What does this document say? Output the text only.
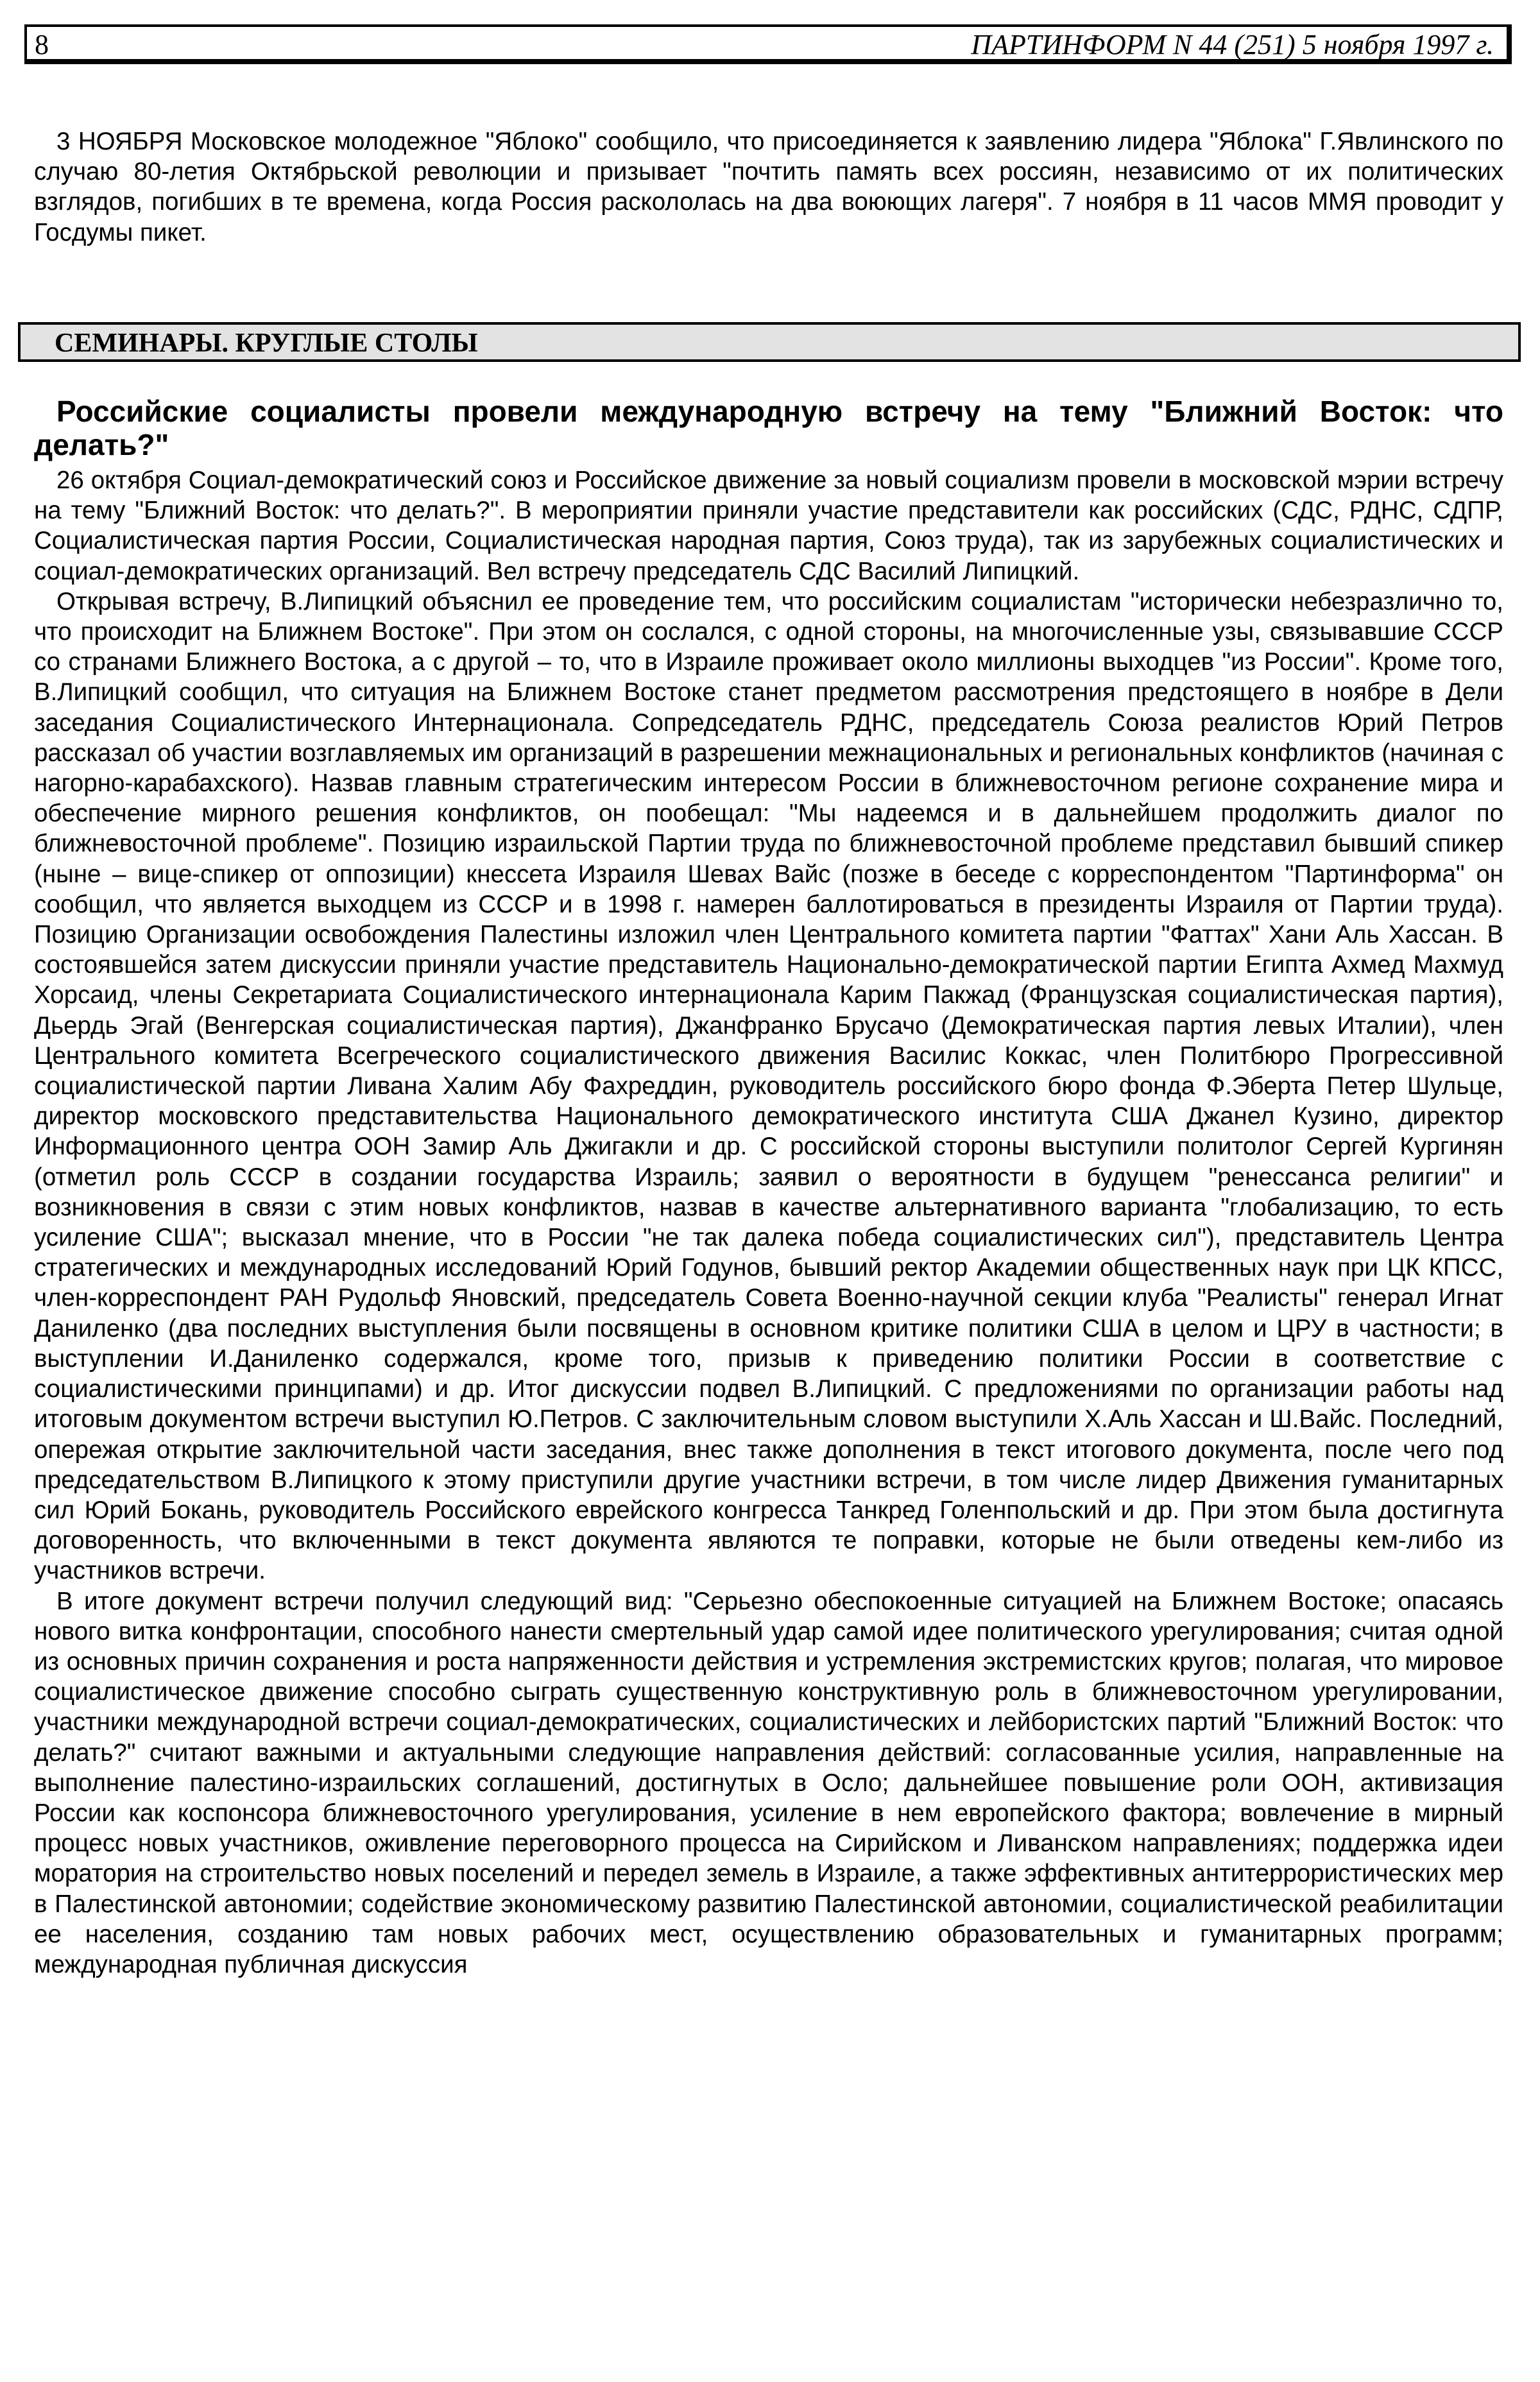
8	ПАРТИНФОРМ N 44 (251) 5 ноября 1997 г.

3 НОЯБРЯ Московское молодежное "Яблоко" сообщило, что присоединяется к заявлению лидера "Яблока" Г.Явлинского по случаю 80-летия Октябрьской революции и призывает "почтить память всех россиян, независимо от их политических взглядов, погибших в те времена, когда Россия раскололась на два воюющих лагеря". 7 ноября в 11 часов ММЯ проводит у Госдумы пикет.

СЕМИНАРЫ. КРУГЛЫЕ СТОЛЫ
Российские социалисты провели международную встречу на тему "Ближний Восток: что делать?"

26 октября Социал-демократический союз и Российское движение за новый социализм провели в московской мэрии встречу на тему "Ближний Восток: что делать?". В мероприятии приняли участие представители как российских (СДС, РДНС, СДПР, Социалистическая партия России, Социалистическая народная партия, Союз труда), так из зарубежных социалистических и социал-демократических организаций. Вел встречу председатель СДС Василий Липицкий.

Открывая встречу, В.Липицкий объяснил ее проведение тем, что российским социалистам "исторически небезразлично то, что происходит на Ближнем Востоке". При этом он сослался, с одной стороны, на многочисленные узы, связывавшие СССР со странами Ближнего Востока, а с другой – то, что в Израиле проживает около миллионы выходцев "из России". Кроме того, В.Липицкий сообщил, что ситуация на Ближнем Востоке станет предметом рассмотрения предстоящего в ноябре в Дели заседания Социалистического Интернационала. Сопредседатель РДНС, председатель Союза реалистов Юрий Петров рассказал об участии возглавляемых им организаций в разрешении межнациональных и региональных конфликтов (начиная с нагорно-карабахского). Назвав главным стратегическим интересом России в ближневосточном регионе сохранение мира и обеспечение мирного решения конфликтов, он пообещал: "Мы надеемся и в дальнейшем продолжить диалог по ближневосточной проблеме". Позицию израильской Партии труда по ближневосточной проблеме представил бывший спикер (ныне – вице-спикер от оппозиции) кнессета Израиля Шевах Вайс (позже в беседе с корреспондентом "Партинформа" он сообщил, что является выходцем из СССР и в 1998 г. намерен баллотироваться в президенты Израиля от Партии труда). Позицию Организации освобождения Палестины изложил член Центрального комитета партии "Фаттах" Хани Аль Хассан. В состоявшейся затем дискуссии приняли участие представитель Национально-демократической партии Египта Ахмед Махмуд Хорсаид, члены Секретариата Социалистического интернационала Карим Пакжад (Французская социалистическая партия), Дьердь Эгай (Венгерская социалистическая партия), Джанфранко Брусачо (Демократическая партия левых Италии), член Центрального комитета Всегреческого социалистического движения Василис Коккас, член Политбюро Прогрессивной социалистической партии Ливана Халим Абу Фахреддин, руководитель российского бюро фонда Ф.Эберта Петер Шульце, директор московского представительства Национального демократического института США Джанел Кузино, директор Информационного центра ООН Замир Аль Джигакли и др. С российской стороны выступили политолог Сергей Кургинян (отметил роль СССР в создании государства Израиль; заявил о вероятности в будущем "ренессанса религии" и возникновения в связи с этим новых конфликтов, назвав в качестве альтернативного варианта "глобализацию, то есть усиление США"; высказал мнение, что в России "не так далека победа социалистических сил"), представитель Центра стратегических и международных исследований Юрий Годунов, бывший ректор Академии общественных наук при ЦК КПСС, член-корреспондент РАН Рудольф Яновский, председатель Совета Военно-научной секции клуба "Реалисты" генерал Игнат Даниленко (два последних выступления были посвящены в основном критике политики США в целом и ЦРУ в частности; в выступлении И.Даниленко содержался, кроме того, призыв к приведению политики России в соответствие с социалистическими принципами) и др. Итог дискуссии подвел В.Липицкий. С предложениями по организации работы над итоговым документом встречи выступил Ю.Петров. С заключительным словом выступили Х.Аль Хассан и Ш.Вайс. Последний, опережая открытие заключительной части заседания, внес также дополнения в текст итогового документа, после чего под председательством В.Липицкого к этому приступили другие участники встречи, в том числе лидер Движения гуманитарных сил Юрий Бокань, руководитель Российского еврейского конгресса Танкред Голенпольский и др. При этом была достигнута договоренность, что включенными в текст документа являются те поправки, которые не были отведены кем-либо из участников встречи.

В итоге документ встречи получил следующий вид: "Серьезно обеспокоенные ситуацией на Ближнем Востоке; опасаясь нового витка конфронтации, способного нанести смертельный удар самой идее политического урегулирования; считая одной из основных причин сохранения и роста напряженности действия и устремления экстремистских кругов; полагая, что мировое социалистическое движение способно сыграть существенную конструктивную роль в ближневосточном урегулировании, участники международной встречи социал-демократических, социалистических и лейбористских партий "Ближний Восток: что делать?" считают важными и актуальными следующие направления действий: согласованные усилия, направленные на выполнение палестино-израильских соглашений, достигнутых в Осло; дальнейшее повышение роли ООН, активизация России как коспонсора ближневосточного урегулирования, усиление в нем европейского фактора; вовлечение в мирный процесс новых участников, оживление переговорного процесса на Сирийском и Ливанском направлениях; поддержка идеи моратория на строительство новых поселений и передел земель в Израиле, а также эффективных антитеррористических мер в Палестинской автономии; содействие экономическому развитию Палестинской автономии, социалистической реабилитации ее населения, созданию там новых рабочих мест, осуществлению образовательных и гуманитарных программ; международная публичная дискуссия
